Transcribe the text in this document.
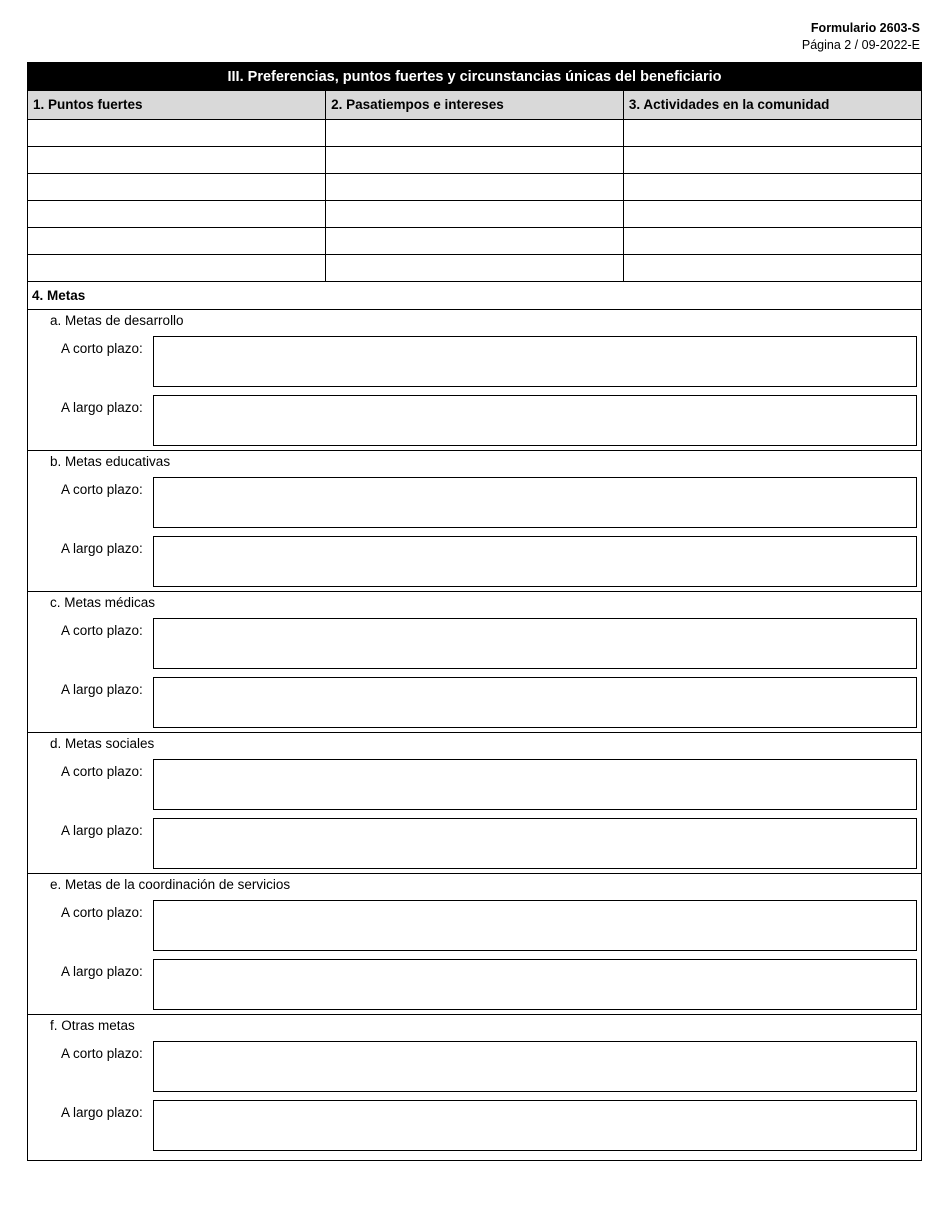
Formulario 2603-S
Página 2 / 09-2022-E
III. Preferencias, puntos fuertes y circunstancias únicas del beneficiario
1. Puntos fuertes	2. Pasatiempos e intereses	3. Actividades en la comunidad

4. Metas
a. Metas de desarrollo
A corto plazo:
A largo plazo:
b. Metas educativas
A corto plazo:
A largo plazo:
c. Metas médicas
A corto plazo:
A largo plazo:
d. Metas sociales
A corto plazo:
A largo plazo:
e. Metas de la coordinación de servicios
A corto plazo:
A largo plazo:
f. Otras metas
A corto plazo:
A largo plazo:
